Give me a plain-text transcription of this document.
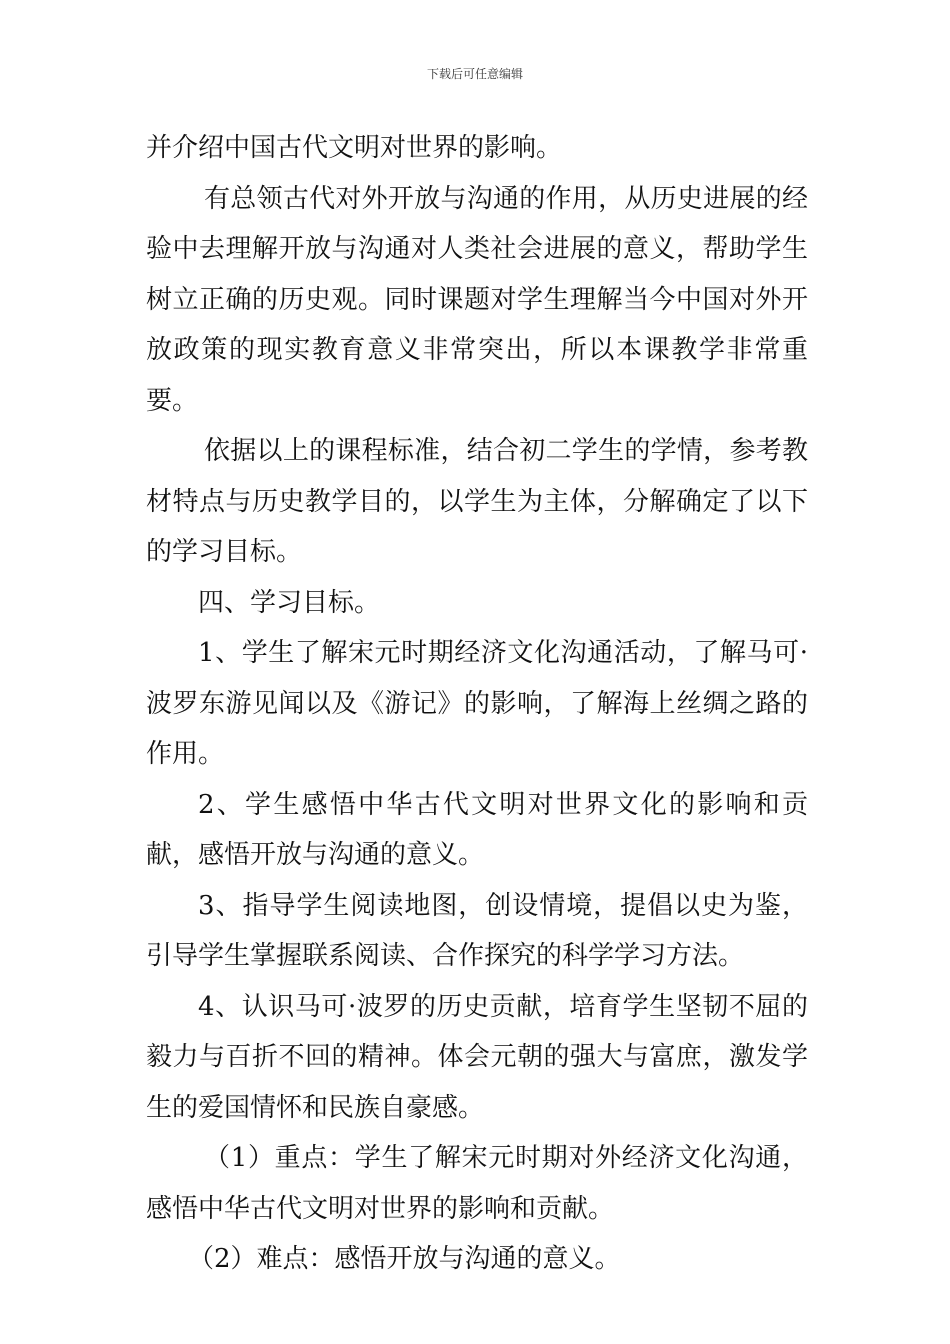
下载后可任意编辑

并介绍中国古代文明对世界的影响。

有总领古代对外开放与沟通的作用，从历史进展的经验中去理解开放与沟通对人类社会进展的意义，帮助学生树立正确的历史观。同时课题对学生理解当今中国对外开放政策的现实教育意义非常突出，所以本课教学非常重要。

依据以上的课程标准，结合初二学生的学情，参考教材特点与历史教学目的，以学生为主体，分解确定了以下的学习目标。

四、学习目标。

1、学生了解宋元时期经济文化沟通活动，了解马可·波罗东游见闻以及《游记》的影响，了解海上丝绸之路的作用。

2、学生感悟中华古代文明对世界文化的影响和贡献，感悟开放与沟通的意义。

3、指导学生阅读地图，创设情境，提倡以史为鉴，引导学生掌握联系阅读、合作探究的科学学习方法。

4、认识马可·波罗的历史贡献，培育学生坚韧不屈的毅力与百折不回的精神。体会元朝的强大与富庶，激发学生的爱国情怀和民族自豪感。

（1）重点：学生了解宋元时期对外经济文化沟通，感悟中华古代文明对世界的影响和贡献。

（2）难点：感悟开放与沟通的意义。
